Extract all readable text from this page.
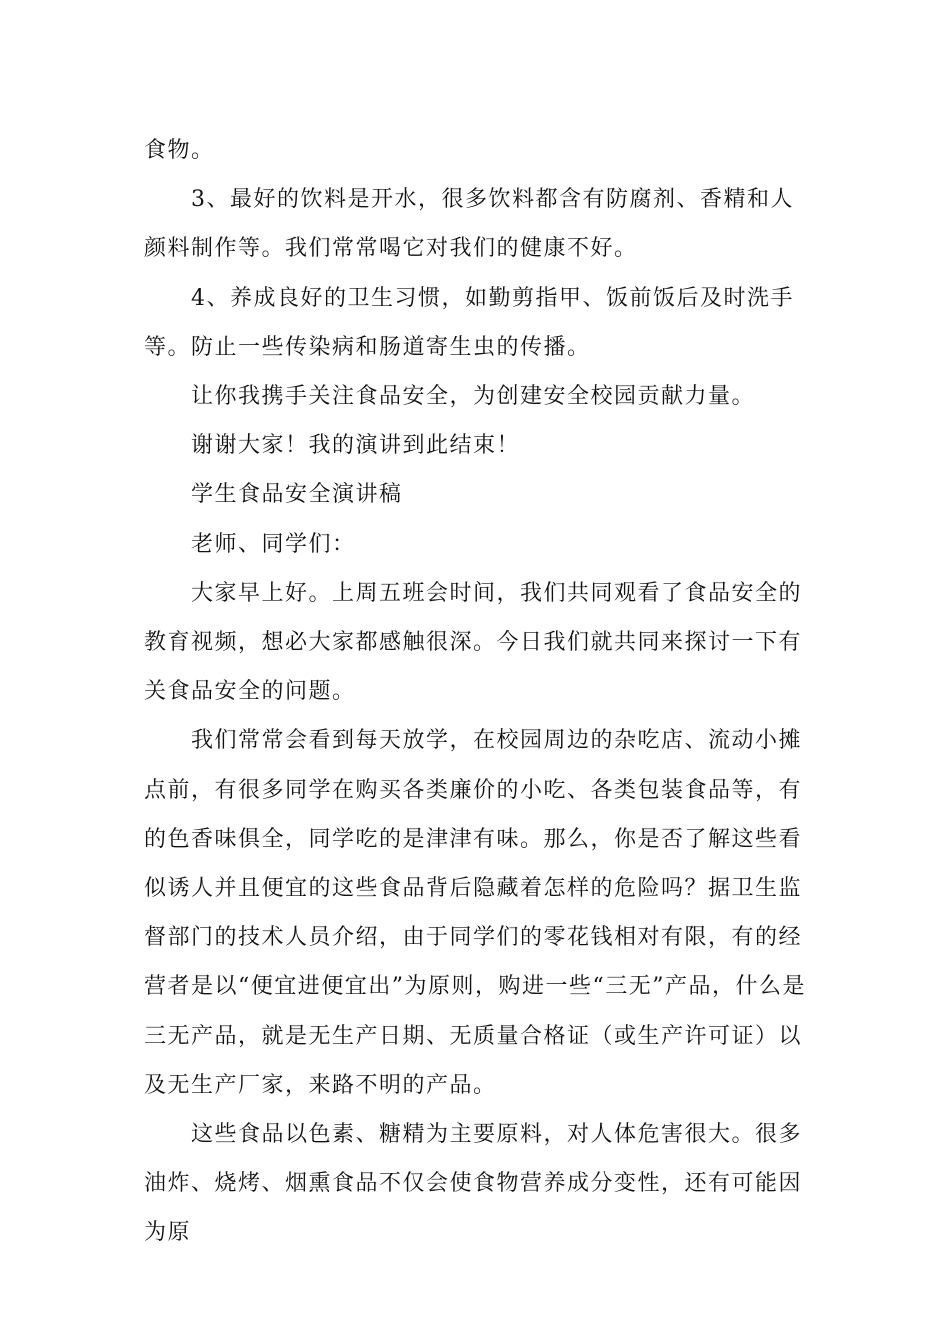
食物。

3、最好的饮料是开水，很多饮料都含有防腐剂、香精和人颜料制作等。我们常常喝它对我们的健康不好。

4、养成良好的卫生习惯，如勤剪指甲、饭前饭后及时洗手等。防止一些传染病和肠道寄生虫的传播。

让你我携手关注食品安全，为创建安全校园贡献力量。

谢谢大家！我的演讲到此结束！

学生食品安全演讲稿

老师、同学们：

大家早上好。上周五班会时间，我们共同观看了食品安全的教育视频，想必大家都感触很深。今日我们就共同来探讨一下有关食品安全的问题。

我们常常会看到每天放学，在校园周边的杂吃店、流动小摊点前，有很多同学在购买各类廉价的小吃、各类包装食品等，有的色香味俱全，同学吃的是津津有味。那么，你是否了解这些看似诱人并且便宜的这些食品背后隐藏着怎样的危险吗？据卫生监督部门的技术人员介绍，由于同学们的零花钱相对有限，有的经营者是以“便宜进便宜出”为原则，购进一些“三无”产品，什么是三无产品，就是无生产日期、无质量合格证（或生产许可证）以及无生产厂家，来路不明的产品。

这些食品以色素、糖精为主要原料，对人体危害很大。很多油炸、烧烤、烟熏食品不仅会使食物营养成分变性，还有可能因为原
